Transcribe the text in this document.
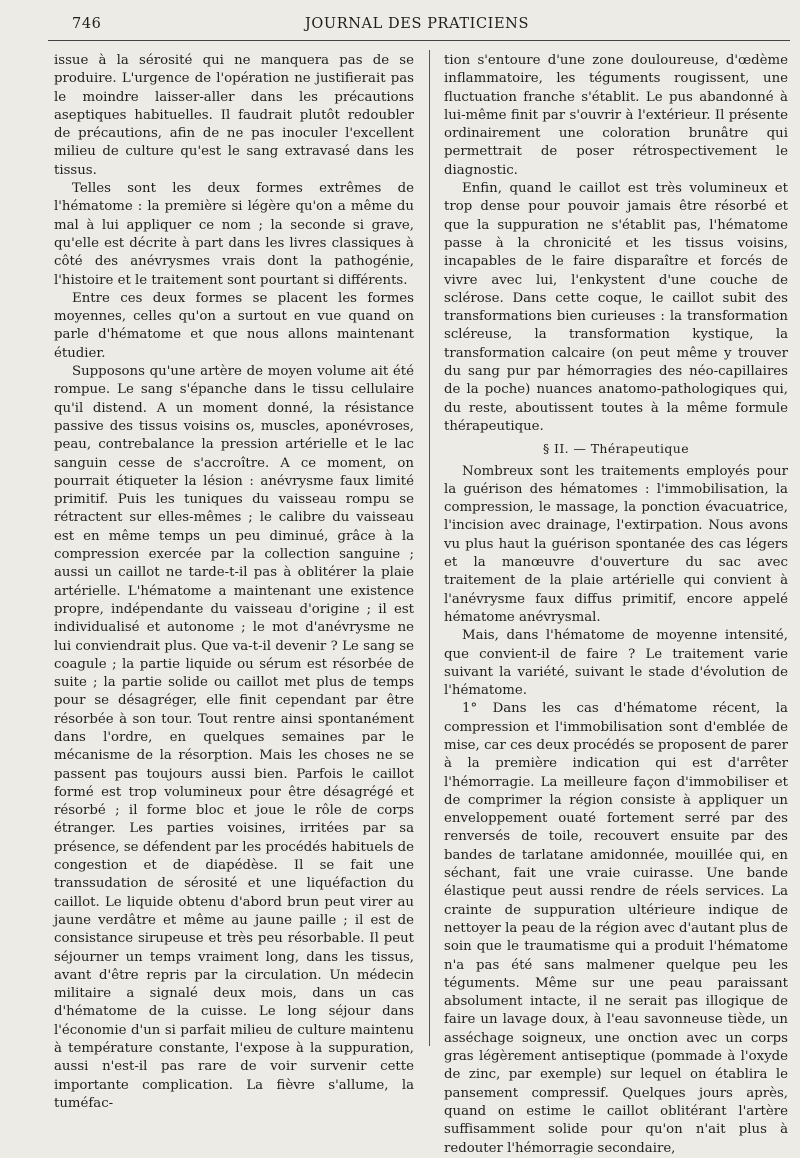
746	JOURNAL DES PRATICIENS

issue à la sérosité qui ne manquera pas de se produire. L'urgence de l'opération ne justifierait pas le moindre laisser-aller dans les précautions aseptiques habituelles. Il faudrait plutôt redoubler de précautions, afin de ne pas inoculer l'excellent milieu de culture qu'est le sang extravasé dans les tissus.

Telles sont les deux formes extrêmes de l'hématome : la première si légère qu'on a même du mal à lui appliquer ce nom ; la seconde si grave, qu'elle est décrite à part dans les livres classiques à côté des anévrysmes vrais dont la pathogénie, l'histoire et le traitement sont pourtant si différents.

Entre ces deux formes se placent les formes moyennes, celles qu'on a surtout en vue quand on parle d'hématome et que nous allons maintenant étudier.

Supposons qu'une artère de moyen volume ait été rompue. Le sang s'épanche dans le tissu cellulaire qu'il distend. A un moment donné, la résistance passive des tissus voisins os, muscles, aponévroses, peau, contrebalance la pression artérielle et le lac sanguin cesse de s'accroître. A ce moment, on pourrait étiqueter la lésion : anévrysme faux limité primitif. Puis les tuniques du vaisseau rompu se rétractent sur elles-mêmes ; le calibre du vaisseau est en même temps un peu diminué, grâce à la compression exercée par la collection sanguine ; aussi un caillot ne tarde-t-il pas à oblitérer la plaie artérielle. L'hématome a maintenant une existence propre, indépendante du vaisseau d'origine ; il est individualisé et autonome ; le mot d'anévrysme ne lui conviendrait plus. Que va-t-il devenir ? Le sang se coagule ; la partie liquide ou sérum est résorbée de suite ; la partie solide ou caillot met plus de temps pour se désagréger, elle finit cependant par être résorbée à son tour. Tout rentre ainsi spontanément dans l'ordre, en quelques semaines par le mécanisme de la résorption. Mais les choses ne se passent pas toujours aussi bien. Parfois le caillot formé est trop volumineux pour être désagrégé et résorbé ; il forme bloc et joue le rôle de corps étranger. Les parties voisines, irritées par sa présence, se défendent par les procédés habituels de congestion et de diapédèse. Il se fait une transsudation de sérosité et une liquéfaction du caillot. Le liquide obtenu d'abord brun peut virer au jaune verdâtre et même au jaune paille ; il est de consistance sirupeuse et très peu résorbable. Il peut séjourner un temps vraiment long, dans les tissus, avant d'être repris par la circulation. Un médecin militaire a signalé deux mois, dans un cas d'hématome de la cuisse. Le long séjour dans l'économie d'un si parfait milieu de culture maintenu à température constante, l'expose à la suppuration, aussi n'est-il pas rare de voir survenir cette importante complication. La fièvre s'allume, la tuméfac-

tion s'entoure d'une zone douloureuse, d'œdème inflammatoire, les téguments rougissent, une fluctuation franche s'établit. Le pus abandonné à lui-même finit par s'ouvrir à l'extérieur. Il présente ordinairement une coloration brunâtre qui permettrait de poser rétrospectivement le diagnostic.

Enfin, quand le caillot est très volumineux et trop dense pour pouvoir jamais être résorbé et que la suppuration ne s'établit pas, l'hématome passe à la chronicité et les tissus voisins, incapables de le faire disparaître et forcés de vivre avec lui, l'enkystent d'une couche de sclérose. Dans cette coque, le caillot subit des transformations bien curieuses : la transformation scléreuse, la transformation kystique, la transformation calcaire (on peut même y trouver du sang pur par hémorragies des néo-capillaires de la poche) nuances anatomo-pathologiques qui, du reste, aboutissent toutes à la même formule thérapeutique.

§ II. — Thérapeutique

Nombreux sont les traitements employés pour la guérison des hématomes : l'immobilisation, la compression, le massage, la ponction évacuatrice, l'incision avec drainage, l'extirpation. Nous avons vu plus haut la guérison spontanée des cas légers et la manœuvre d'ouverture du sac avec traitement de la plaie artérielle qui convient à l'anévrysme faux diffus primitif, encore appelé hématome anévrysmal.

Mais, dans l'hématome de moyenne intensité, que convient-il de faire ? Le traitement varie suivant la variété, suivant le stade d'évolution de l'hématome.

1° Dans les cas d'hématome récent, la compression et l'immobilisation sont d'emblée de mise, car ces deux procédés se proposent de parer à la première indication qui est d'arrêter l'hémorragie. La meilleure façon d'immobiliser et de comprimer la région consiste à appliquer un enveloppement ouaté fortement serré par des renversés de toile, recouvert ensuite par des bandes de tarlatane amidonnée, mouillée qui, en séchant, fait une vraie cuirasse. Une bande élastique peut aussi rendre de réels services. La crainte de suppuration ultérieure indique de nettoyer la peau de la région avec d'autant plus de soin que le traumatisme qui a produit l'hématome n'a pas été sans malmener quelque peu les téguments. Même sur une peau paraissant absolument intacte, il ne serait pas illogique de faire un lavage doux, à l'eau savonneuse tiède, un asséchage soigneux, une onction avec un corps gras légèrement antiseptique (pommade à l'oxyde de zinc, par exemple) sur lequel on établira le pansement compressif. Quelques jours après, quand on estime le caillot oblitérant l'artère suffisamment solide pour qu'on n'ait plus à redouter l'hémorragie secondaire,
